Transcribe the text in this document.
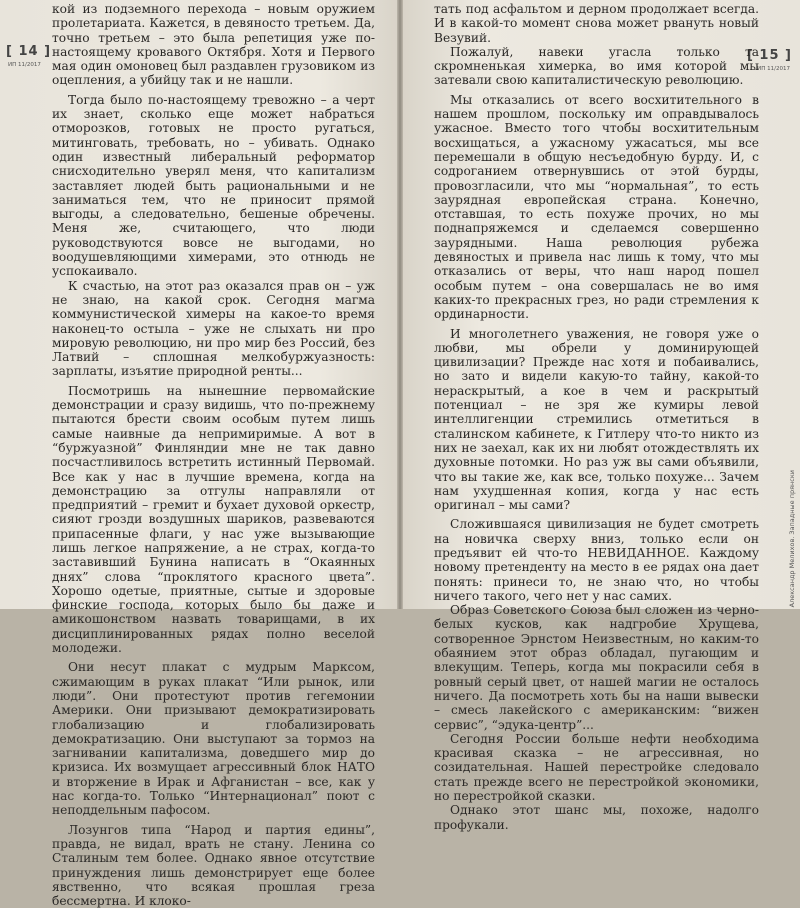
[ 14 ]
ИП 11/2017

кой из подземного перехода – новым оружием пролетариата. Кажется, в девяносто третьем. Да, точно третьем – это была репетиция уже по-настоящему кровавого Октября. Хотя и Первого мая один омоновец был раздавлен грузовиком из оцепления, а убийцу так и не нашли.

Тогда было по-настоящему тревожно – а черт их знает, сколько еще может набраться отморозков, готовых не просто ругаться, митинговать, требовать, но – убивать. Однако один известный либеральный реформатор снисходительно уверял меня, что капитализм заставляет людей быть рациональными и не заниматься тем, что не приносит прямой выгоды, а следовательно, бешеные обречены. Меня же, считающего, что люди руководствуются вовсе не выгодами, но воодушевляющими химерами, это отнюдь не успокаивало.

К счастью, на этот раз оказался прав он – уж не знаю, на какой срок. Сегодня магма коммунистической химеры на какое-то время наконец-то остыла – уже не слыхать ни про мировую революцию, ни про мир без Россий, без Латвий – сплошная мелкобуржуазность: зарплаты, изъятие природной ренты...

Посмотришь на нынешние первомайские демонстрации и сразу видишь, что по-прежнему пытаются брести своим особым путем лишь самые наивные да непримиримые. А вот в “буржуазной” Финляндии мне не так давно посчастливилось встретить истинный Первомай. Все как у нас в лучшие времена, когда на демонстрацию за отгулы направляли от предприятий – гремит и бухает духовой оркестр, сияют грозди воздушных шариков, развеваются припасенные флаги, у нас уже вызывающие лишь легкое напряжение, а не страх, когда-то заставивший Бунина написать в “Окаянных днях” слова “проклятого красного цвета”. Хорошо одетые, приятные, сытые и здоровые финские господа, которых было бы даже и амикошонством назвать товарищами, в их дисциплинированных рядах полно веселой молодежи.

Они несут плакат с мудрым Марксом, сжимающим в руках плакат “Или рынок, или люди”. Они протестуют против гегемонии Америки. Они призывают демократизировать глобализацию и глобализировать демократизацию. Они выступают за тормоз на загнивании капитализма, доведшего мир до кризиса. Их возмущает агрессивный блок НАТО и вторжение в Ирак и Афганистан – все, как у нас когда-то. Только “Интернационал” поют с неподдельным пафосом.

Лозунгов типа “Народ и партия едины”, правда, не видал, врать не стану. Ленина со Сталиным тем более. Однако явное отсутствие принуждения лишь демонстрирует еще более явственно, что всякая прошлая греза бессмертна. И клоко-

[ 15 ]
ИП 11/2017
Александр Мелихов. Западные прянски

тать под асфальтом и дерном продолжает всегда. И в какой-то момент снова может рвануть новый Везувий.

Пожалуй, навеки угасла только та скромненькая химерка, во имя которой мы затевали свою капиталистическую революцию.

Мы отказались от всего восхитительного в нашем прошлом, поскольку им оправдывалось ужасное. Вместо того чтобы восхитительным восхищаться, а ужасному ужасаться, мы все перемешали в общую несъедобную бурду. И, с содроганием отвернувшись от этой бурды, провозгласили, что мы “нормальная”, то есть заурядная европейская страна. Конечно, отставшая, то есть похуже прочих, но мы поднапряжемся и сделаемся совершенно заурядными. Наша революция рубежа девяностых и привела нас лишь к тому, что мы отказались от веры, что наш народ пошел особым путем – она совершалась не во имя каких-то прекрасных грез, но ради стремления к ординарности.

И многолетнего уважения, не говоря уже о любви, мы обрели у доминирующей цивилизации? Прежде нас хотя и побаивались, но зато и видели какую-то тайну, какой-то нераскрытый, а кое в чем и раскрытый потенциал – не зря же кумиры левой интеллигенции стремились отметиться в сталинском кабинете, к Гитлеру что-то никто из них не заехал, как их ни любят отождествлять их духовные потомки. Но раз уж вы сами объявили, что вы такие же, как все, только похуже... Зачем нам ухудшенная копия, когда у нас есть оригинал – мы сами?

Сложившаяся цивилизация не будет смотреть на новичка сверху вниз, только если он предъявит ей что-то НЕВИДАННОЕ. Каждому новому претенденту на место в ее рядах она дает понять: принеси то, не знаю что, но чтобы ничего такого, чего нет у нас самих.

Образ Советского Союза был сложен из черно-белых кусков, как надгробие Хрущева, сотворенное Эрнстом Неизвестным, но каким-то обаянием этот образ обладал, пугающим и влекущим. Теперь, когда мы покрасили себя в ровный серый цвет, от нашей магии не осталось ничего. Да посмотреть хоть бы на наши вывески – смесь лакейского с американским: “вижен сервис”, “эдука-центр”...

Сегодня России больше нефти необходима красивая сказка – не агрессивная, но созидательная. Нашей перестройке следовало стать прежде всего не перестройкой экономики, но перестройкой сказки.

Однако этот шанс мы, похоже, надолго профукали.
